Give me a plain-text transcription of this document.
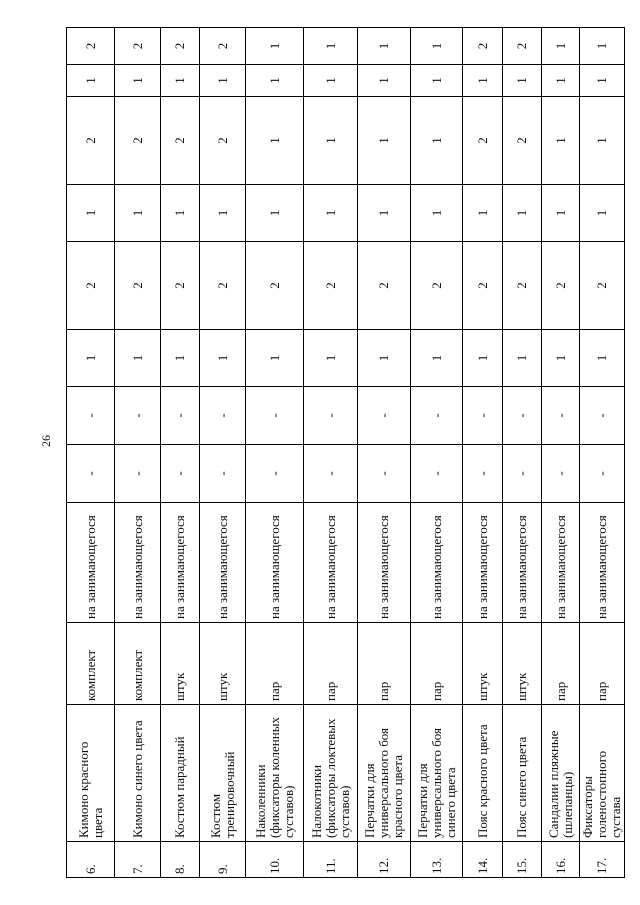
26
6.	Кимоно красного цвета	комплект	на занимающегося	-	-	1	2	1	2	1	2
7.	Кимоно синего цвета	комплект	на занимающегося	-	-	1	2	1	2	1	2
8.	Костюм парадный	штук	на занимающегося	-	-	1	2	1	2	1	2
9.	Костюм тренировочный	штук	на занимающегося	-	-	1	2	1	2	1	2
10.	Наколенники (фиксаторы коленных суставов)	пар	на занимающегося	-	-	1	2	1	1	1	1
11.	Налокотники (фиксаторы локтевых суставов)	пар	на занимающегося	-	-	1	2	1	1	1	1
12.	Перчатки для универсального боя красного цвета	пар	на занимающегося	-	-	1	2	1	1	1	1
13.	Перчатки для универсального боя синего цвета	пар	на занимающегося	-	-	1	2	1	1	1	1
14.	Пояс красного цвета	штук	на занимающегося	-	-	1	2	1	2	1	2
15.	Пояс синего цвета	штук	на занимающегося	-	-	1	2	1	2	1	2
16.	Сандалии пляжные (шлепанцы)	пар	на занимающегося	-	-	1	2	1	1	1	1
17.	Фиксаторы голеностопного сустава	пар	на занимающегося	-	-	1	2	1	1	1	1
